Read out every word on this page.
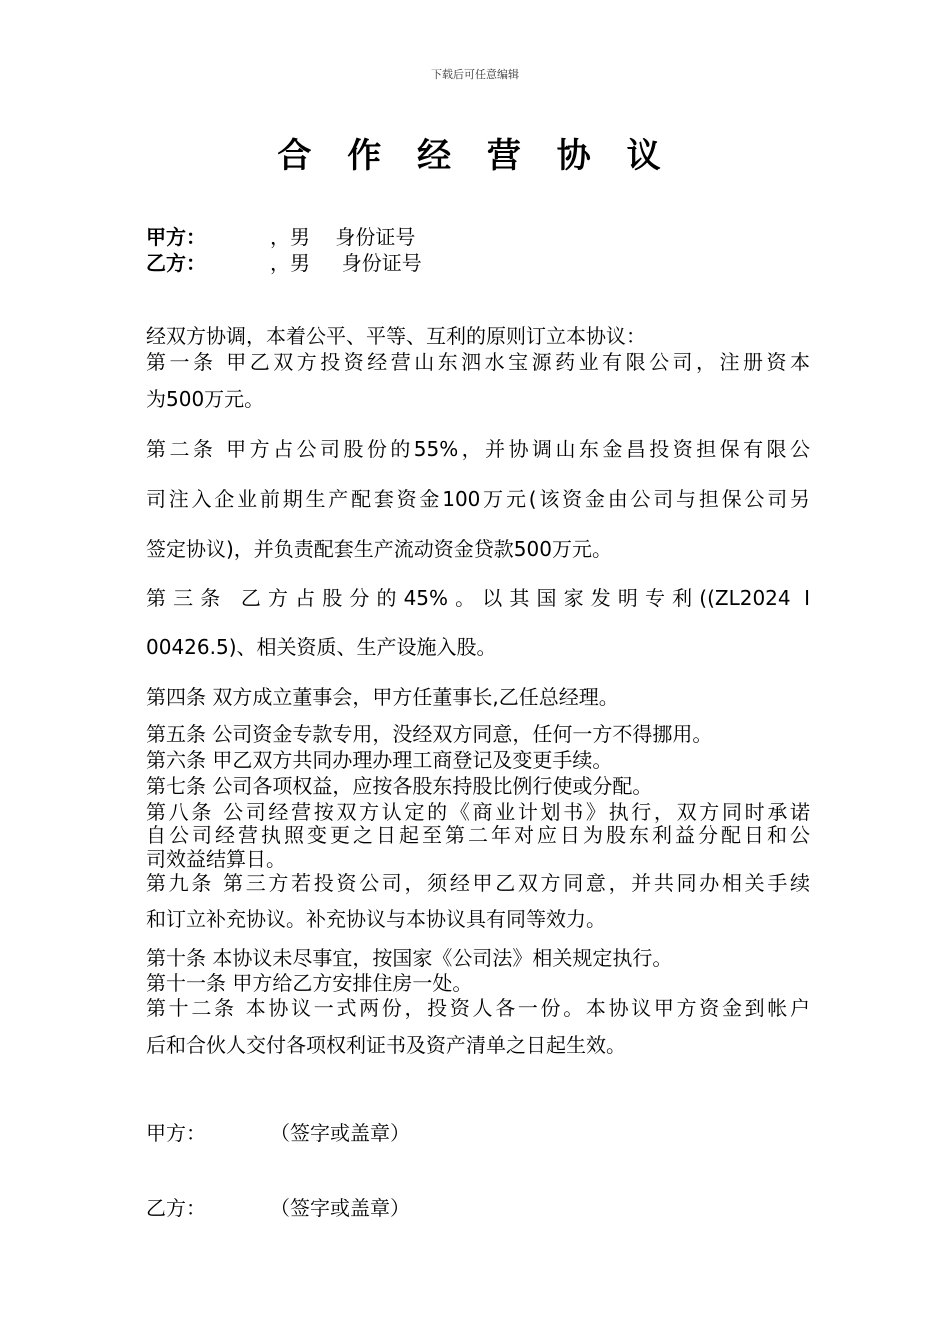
下载后可任意编辑
合 作 经 营 协 议
甲方：	，男    身份证号
乙方：	，男     身份证号
经双方协调，本着公平、平等、互利的原则订立本协议：
第一条 甲乙双方投资经营山东泗水宝源药业有限公司，注册资本
为500万元。
第二条 甲方占公司股份的55%，并协调山东金昌投资担保有限公
司注入企业前期生产配套资金100万元(该资金由公司与担保公司另
签定协议)，并负责配套生产流动资金贷款500万元。
第三条 乙方占股分的45%。以其国家发明专利((ZL2024 I
00426.5)、相关资质、生产设施入股。
第四条 双方成立董事会，甲方任董事长,乙任总经理。
第五条 公司资金专款专用，没经双方同意，任何一方不得挪用。
第六条 甲乙双方共同办理办理工商登记及变更手续。
第七条 公司各项权益，应按各股东持股比例行使或分配。
第八条 公司经营按双方认定的《商业计划书》执行，双方同时承诺
自公司经营执照变更之日起至第二年对应日为股东利益分配日和公
司效益结算日。
第九条 第三方若投资公司，须经甲乙双方同意，并共同办相关手续
和订立补充协议。补充协议与本协议具有同等效力。
第十条 本协议未尽事宜，按国家《公司法》相关规定执行。
第十一条 甲方给乙方安排住房一处。
第十二条 本协议一式两份，投资人各一份。本协议甲方资金到帐户
后和合伙人交付各项权利证书及资产清单之日起生效。
甲方：	（签字或盖章）
乙方：	（签字或盖章）
